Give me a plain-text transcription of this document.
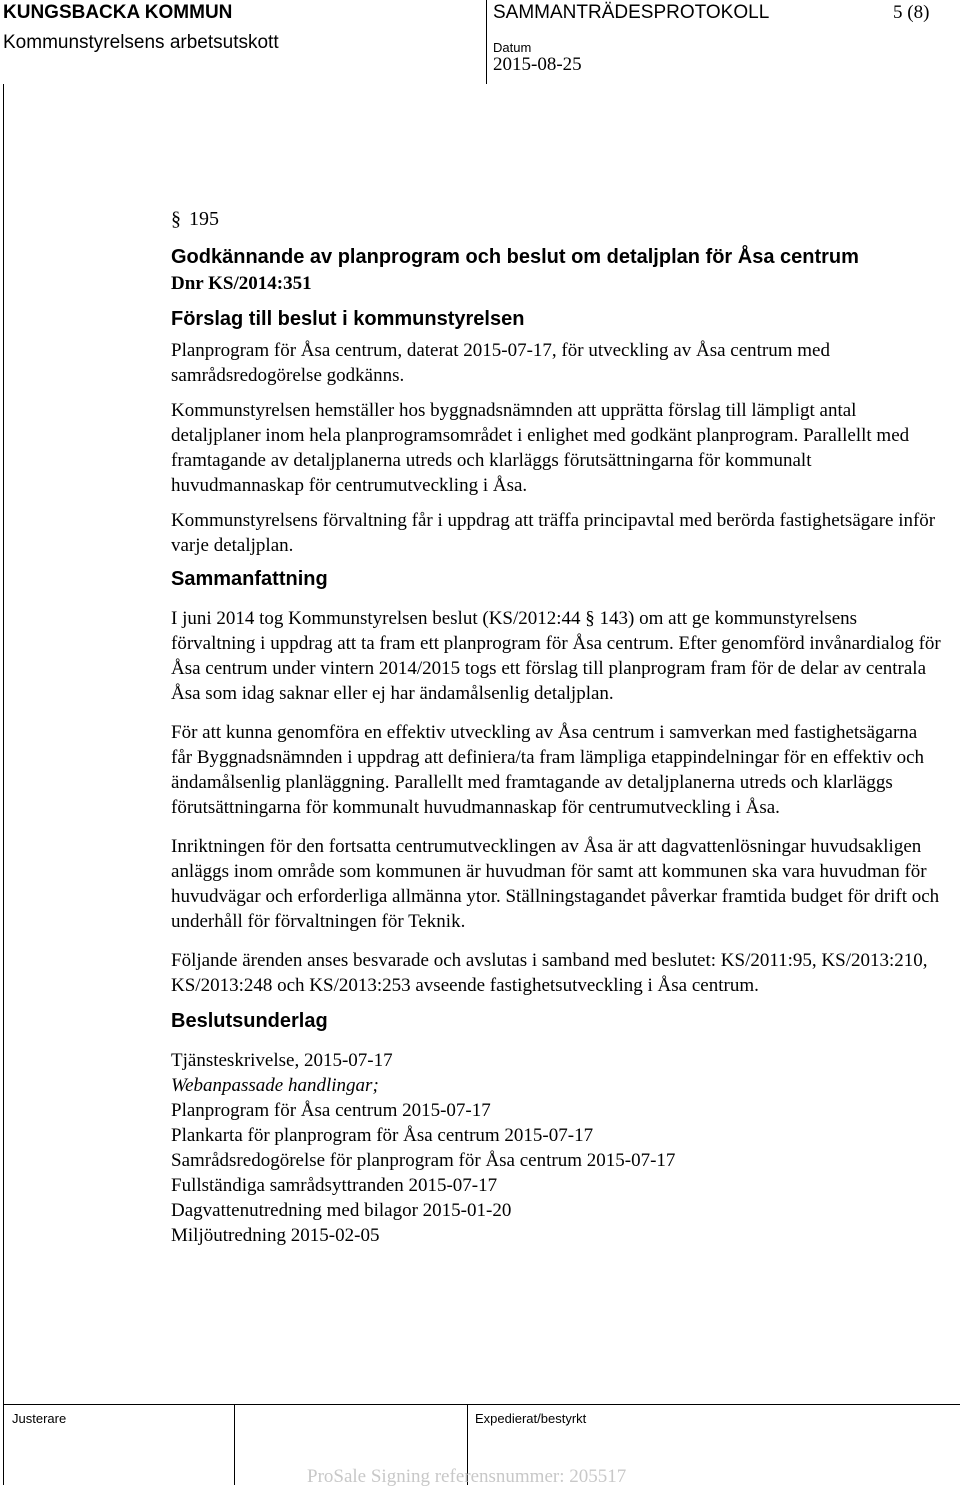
KUNGSBACKA KOMMUN
Kommunstyrelsens arbetsutskott
SAMMANTRÄDESPROTOKOLL	5 (8)
Datum
2015-08-25
§ 195
Godkännande av planprogram och beslut om detaljplan för Åsa centrum

Dnr KS/2014:351

Förslag till beslut i kommunstyrelsen

Planprogram för Åsa centrum, daterat 2015-07-17, för utveckling av Åsa centrum med samrådsredogörelse godkänns.

Kommunstyrelsen hemställer hos byggnadsnämnden att upprätta förslag till lämpligt antal detaljplaner inom hela planprogramsområdet i enlighet med godkänt planprogram. Parallellt med framtagande av detaljplanerna utreds och klarläggs förutsättningarna för kommunalt huvudmannaskap för centrumutveckling i Åsa.

Kommunstyrelsens förvaltning får i uppdrag att träffa principavtal med berörda fastighetsägare inför varje detaljplan.

Sammanfattning

I juni 2014 tog Kommunstyrelsen beslut (KS/2012:44 § 143) om att ge kommunstyrelsens förvaltning i uppdrag att ta fram ett planprogram för Åsa centrum. Efter genomförd invånardialog för Åsa centrum under vintern 2014/2015 togs ett förslag till planprogram fram för de delar av centrala Åsa som idag saknar eller ej har ändamålsenlig detaljplan.

För att kunna genomföra en effektiv utveckling av Åsa centrum i samverkan med fastighetsägarna får Byggnadsnämnden i uppdrag att definiera/ta fram lämpliga etappindelningar för en effektiv och ändamålsenlig planläggning. Parallellt med framtagande av detaljplanerna utreds och klarläggs förutsättningarna för kommunalt huvudmannaskap för centrumutveckling i Åsa.

Inriktningen för den fortsatta centrumutvecklingen av Åsa är att dagvattenlösningar huvudsakligen anläggs inom område som kommunen är huvudman för samt att kommunen ska vara huvudman för huvudvägar och erforderliga allmänna ytor. Ställningstagandet påverkar framtida budget för drift och underhåll för förvaltningen för Teknik.

Följande ärenden anses besvarade och avslutas i samband med beslutet: KS/2011:95, KS/2013:210, KS/2013:248 och KS/2013:253 avseende fastighetsutveckling i Åsa centrum.

Beslutsunderlag

Tjänsteskrivelse, 2015-07-17

Webanpassade handlingar;

Planprogram för Åsa centrum 2015-07-17

Plankarta för planprogram för Åsa centrum 2015-07-17

Samrådsredogörelse för planprogram för Åsa centrum 2015-07-17

Fullständiga samrådsyttranden 2015-07-17

Dagvattenutredning med bilagor 2015-01-20

Miljöutredning 2015-02-05

Justerare	Expedierat/bestyrkt
ProSale Signing referensnummer: 205517
